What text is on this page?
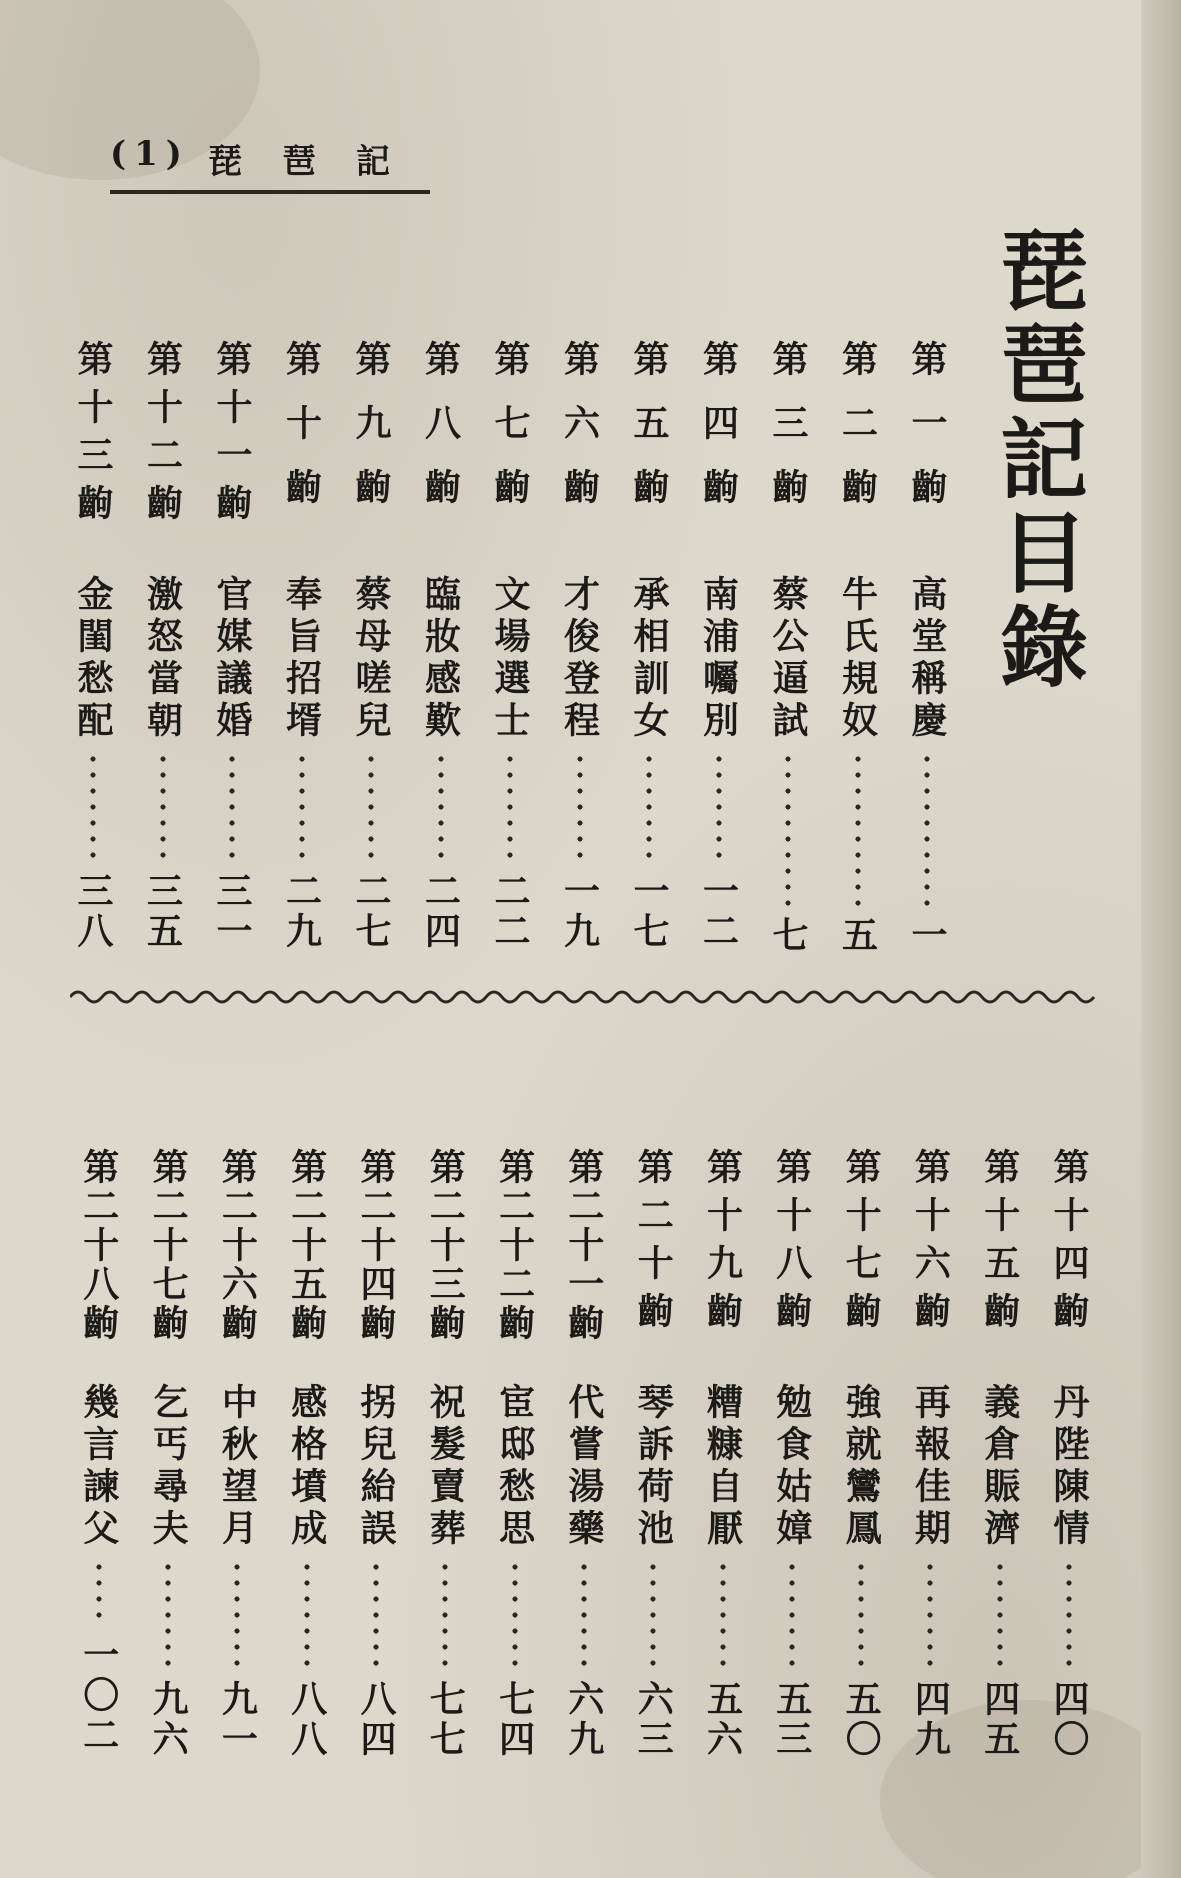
(1) 琵琶記
琵琶記目錄
第一齣
高堂稱慶
一
第二齣
牛氏規奴
五
第三齣
蔡公逼試
七
第四齣
南浦囑別
一二
第五齣
承相訓女
一七
第六齣
才俊登程
一九
第七齣
文場選士
二二
第八齣
臨妝感歎
二四
第九齣
蔡母嗟兒
二七
第十齣
奉旨招壻
二九
第十一齣
官媒議婚
三一
第十二齣
激怒當朝
三五
第十三齣
金閨愁配
三八
第十四齣
丹陛陳情
四〇
第十五齣
義倉賑濟
四五
第十六齣
再報佳期
四九
第十七齣
強就鸞鳳
五〇
第十八齣
勉食姑嫜
五三
第十九齣
糟糠自厭
五六
第二十齣
琴訴荷池
六三
第二十一齣
代嘗湯藥
六九
第二十二齣
宦邸愁思
七四
第二十三齣
祝髮賣葬
七七
第二十四齣
拐兒紿誤
八四
第二十五齣
感格墳成
八八
第二十六齣
中秋望月
九一
第二十七齣
乞丐尋夫
九六
第二十八齣
幾言諫父
一〇二
